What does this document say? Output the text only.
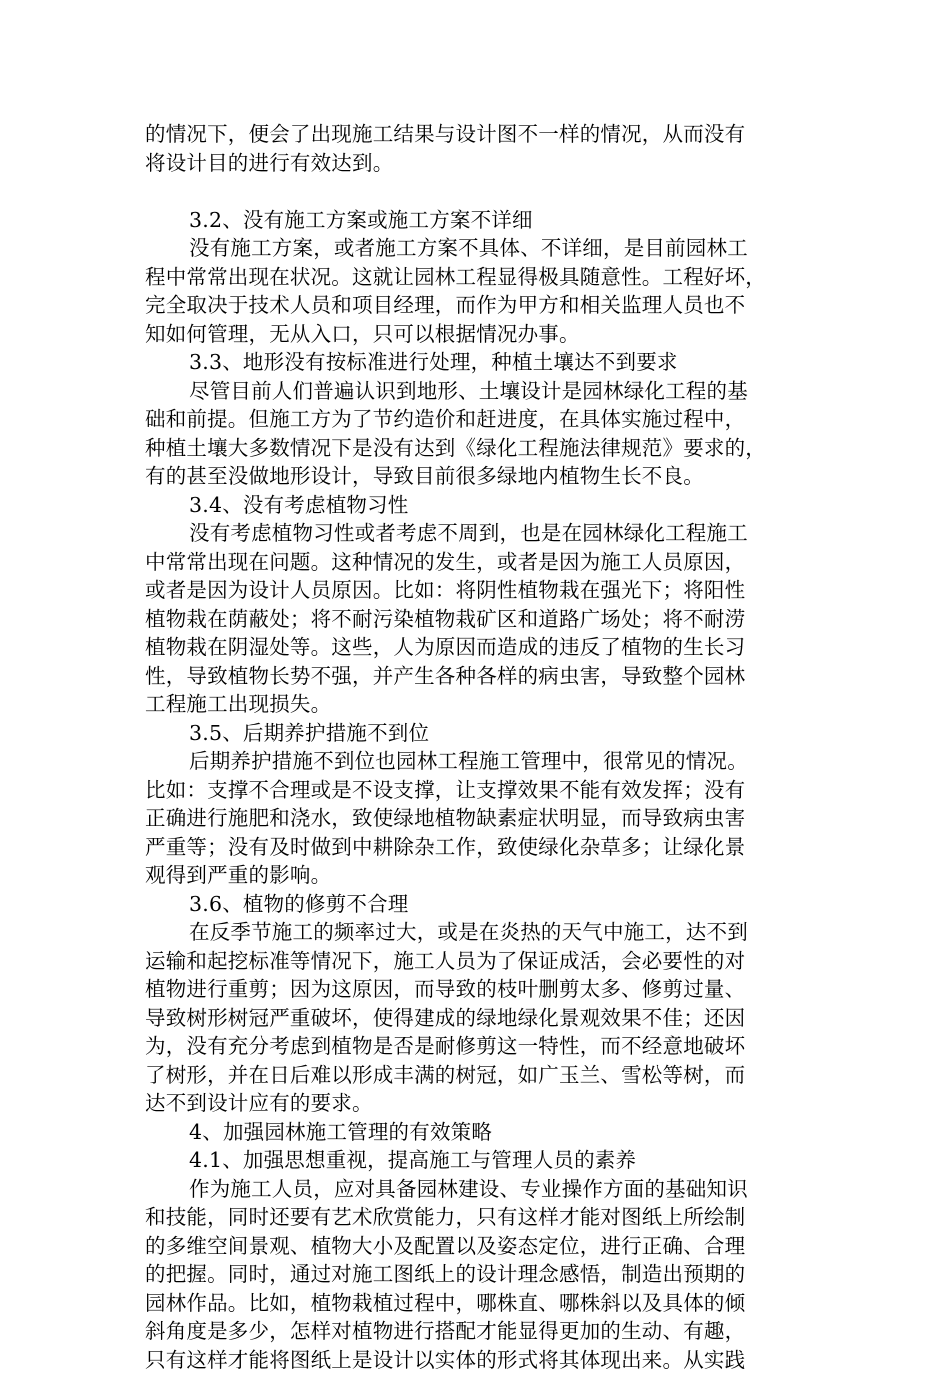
的情况下，便会了出现施工结果与设计图不一样的情况，从而没有
将设计目的进行有效达到。
3.2、没有施工方案或施工方案不详细
没有施工方案，或者施工方案不具体、不详细，是目前园林工
程中常常出现在状况。这就让园林工程显得极具随意性。工程好坏，
完全取决于技术人员和项目经理，而作为甲方和相关监理人员也不
知如何管理，无从入口，只可以根据情况办事。
3.3、地形没有按标准进行处理，种植土壤达不到要求
尽管目前人们普遍认识到地形、土壤设计是园林绿化工程的基
础和前提。但施工方为了节约造价和赶进度，在具体实施过程中，
种植土壤大多数情况下是没有达到《绿化工程施法律规范》要求的，
有的甚至没做地形设计，导致目前很多绿地内植物生长不良。
3.4、没有考虑植物习性
没有考虑植物习性或者考虑不周到，也是在园林绿化工程施工
中常常出现在问题。这种情况的发生，或者是因为施工人员原因，
或者是因为设计人员原因。比如：将阴性植物栽在强光下；将阳性
植物栽在荫蔽处；将不耐污染植物栽矿区和道路广场处；将不耐涝
植物栽在阴湿处等。这些，人为原因而造成的违反了植物的生长习
性，导致植物长势不强，并产生各种各样的病虫害，导致整个园林
工程施工出现损失。
3.5、后期养护措施不到位
后期养护措施不到位也园林工程施工管理中，很常见的情况。
比如：支撑不合理或是不设支撑，让支撑效果不能有效发挥；没有
正确进行施肥和浇水，致使绿地植物缺素症状明显，而导致病虫害
严重等；没有及时做到中耕除杂工作，致使绿化杂草多；让绿化景
观得到严重的影响。
3.6、植物的修剪不合理
在反季节施工的频率过大，或是在炎热的天气中施工，达不到
运输和起挖标准等情况下，施工人员为了保证成活，会必要性的对
植物进行重剪；因为这原因，而导致的枝叶删剪太多、修剪过量、
导致树形树冠严重破坏，使得建成的绿地绿化景观效果不佳；还因
为，没有充分考虑到植物是否是耐修剪这一特性，而不经意地破坏
了树形，并在日后难以形成丰满的树冠，如广玉兰、雪松等树，而
达不到设计应有的要求。
4、加强园林施工管理的有效策略
4.1、加强思想重视，提高施工与管理人员的素养
作为施工人员，应对具备园林建设、专业操作方面的基础知识
和技能，同时还要有艺术欣赏能力，只有这样才能对图纸上所绘制
的多维空间景观、植物大小及配置以及姿态定位，进行正确、合理
的把握。同时，通过对施工图纸上的设计理念感悟，制造出预期的
园林作品。比如，植物栽植过程中，哪株直、哪株斜以及具体的倾
斜角度是多少，怎样对植物进行搭配才能显得更加的生动、有趣，
只有这样才能将图纸上是设计以实体的形式将其体现出来。从实践
